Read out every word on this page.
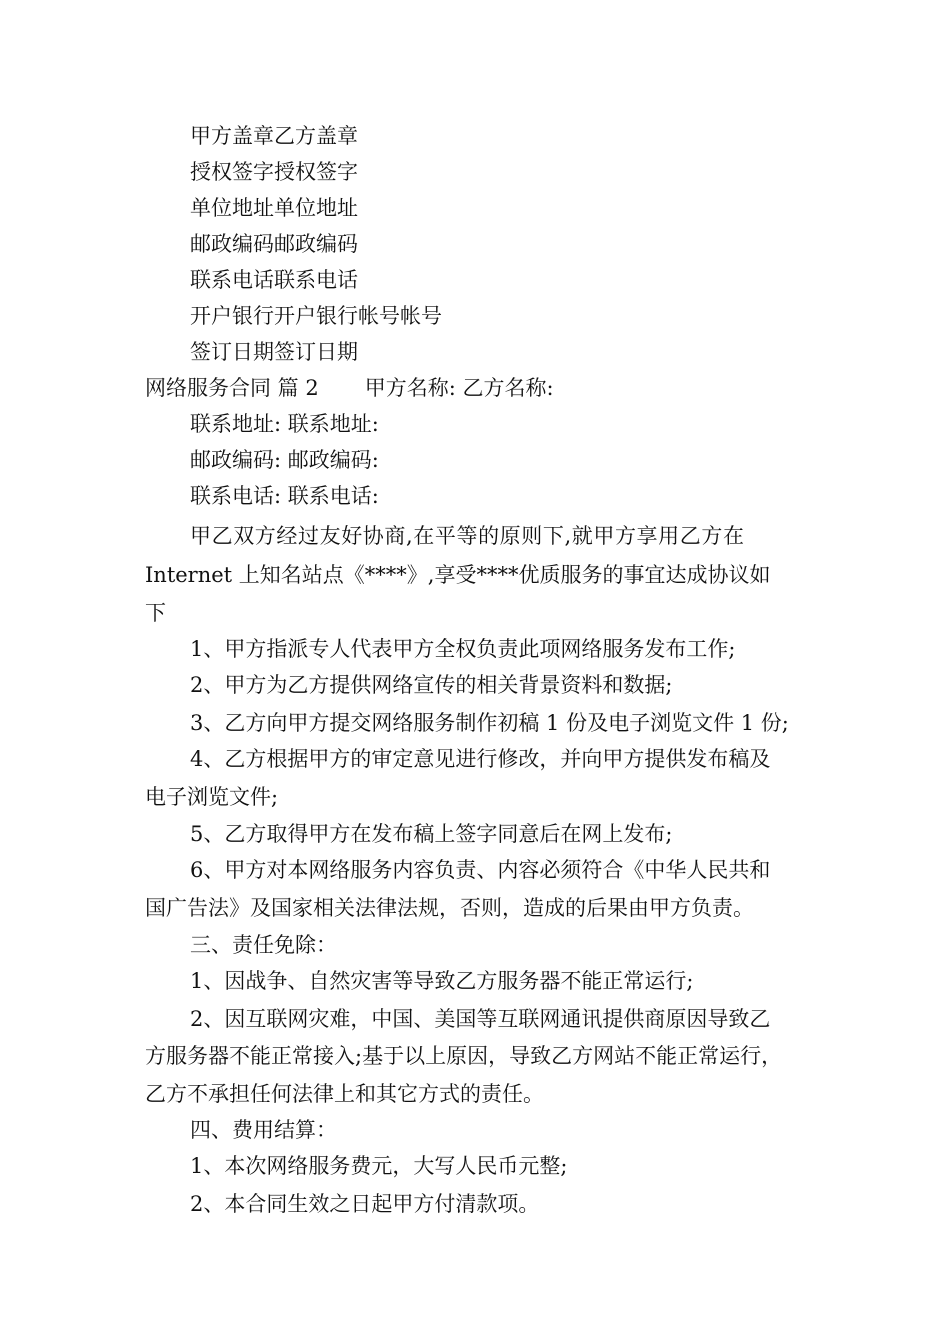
甲方盖章乙方盖章
授权签字授权签字
单位地址单位地址
邮政编码邮政编码
联系电话联系电话
开户银行开户银行帐号帐号
签订日期签订日期
网络服务合同 篇 2 甲方名称: 乙方名称:
联系地址: 联系地址:
邮政编码: 邮政编码:
联系电话: 联系电话:
甲乙双方经过友好协商,在平等的原则下,就甲方享用乙方在
Internet 上知名站点《****》,享受****优质服务的事宜达成协议如
下
1、甲方指派专人代表甲方全权负责此项网络服务发布工作;
2、甲方为乙方提供网络宣传的相关背景资料和数据;
3、乙方向甲方提交网络服务制作初稿 1 份及电子浏览文件 1 份;
4、乙方根据甲方的审定意见进行修改，并向甲方提供发布稿及
电子浏览文件;
5、乙方取得甲方在发布稿上签字同意后在网上发布;
6、甲方对本网络服务内容负责、内容必须符合《中华人民共和
国广告法》及国家相关法律法规，否则，造成的后果由甲方负责。
三、责任免除：
1、因战争、自然灾害等导致乙方服务器不能正常运行;
2、因互联网灾难，中国、美国等互联网通讯提供商原因导致乙
方服务器不能正常接入;基于以上原因，导致乙方网站不能正常运行，
乙方不承担任何法律上和其它方式的责任。
四、费用结算：
1、本次网络服务费元，大写人民币元整;
2、本合同生效之日起甲方付清款项。
